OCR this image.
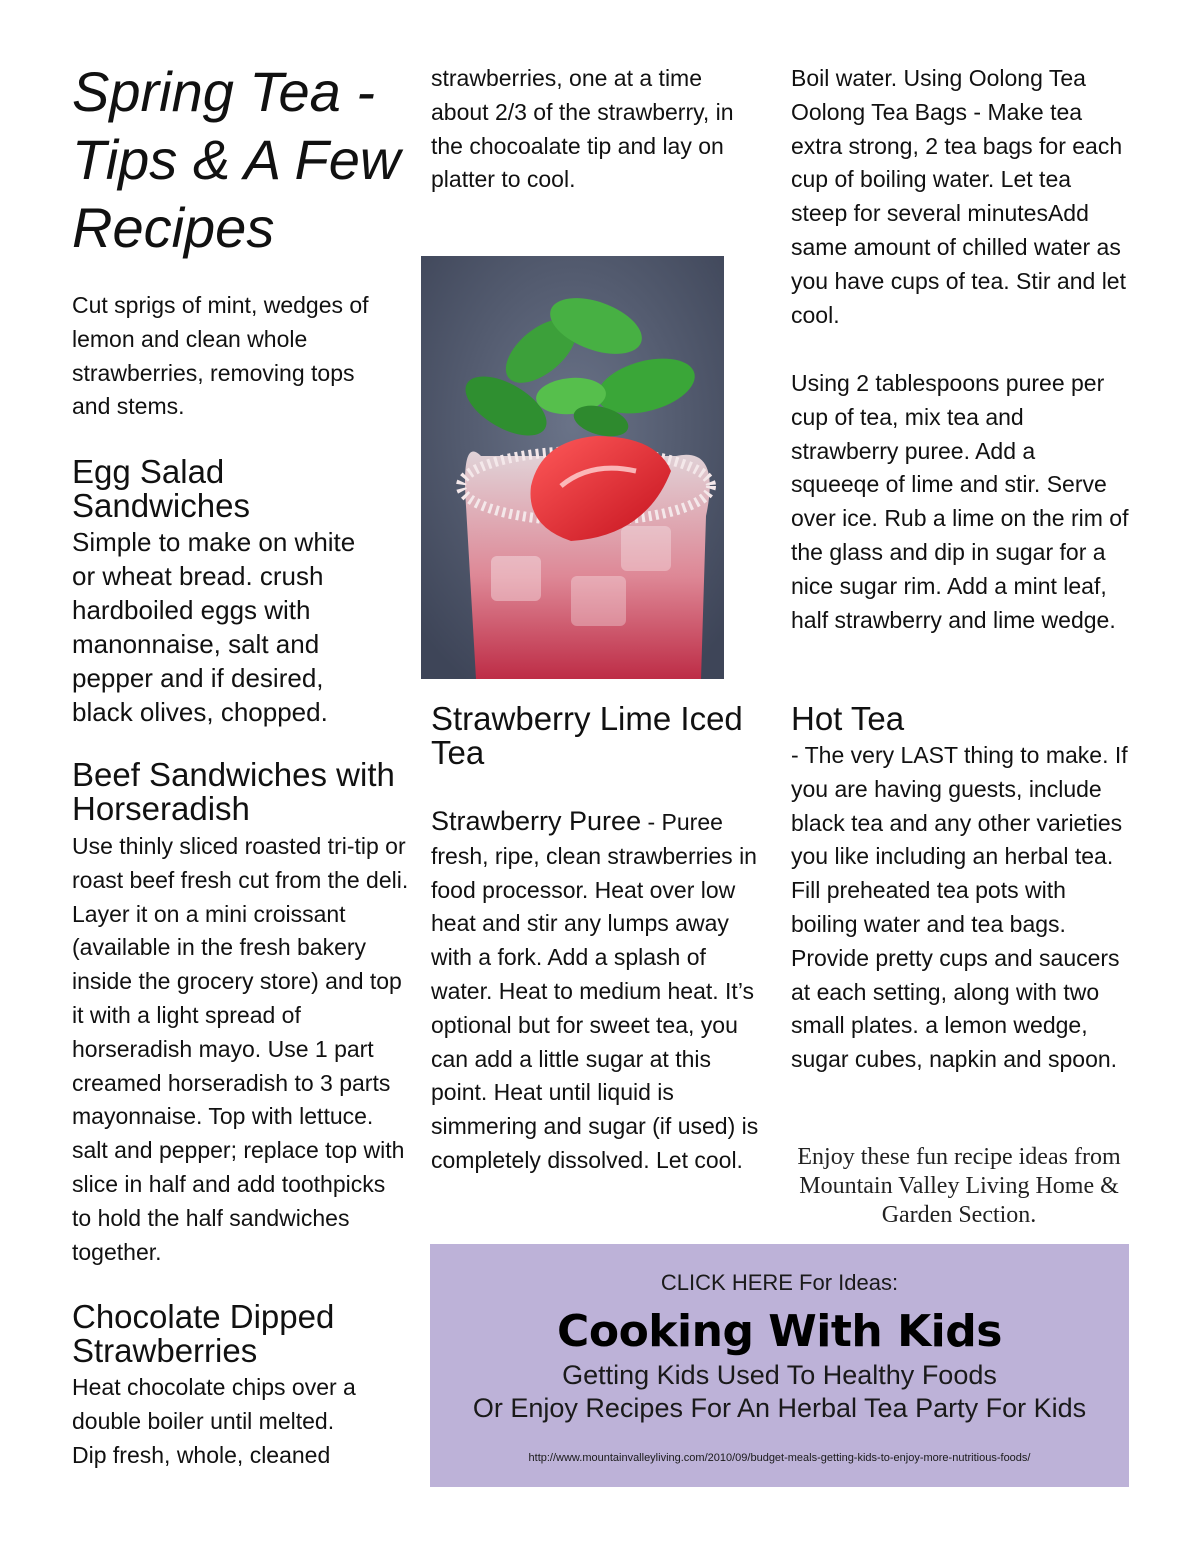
Spring Tea - Tips & A Few Recipes

Cut sprigs of mint, wedges of lemon and clean whole strawberries, removing tops and stems.

Egg Salad Sandwiches

Simple to make on white or wheat bread. crush hardboiled eggs with manonnaise, salt and pepper and if desired, black olives, chopped.

Beef Sandwiches with Horseradish

Use thinly sliced roasted tri-tip or roast beef fresh cut from the deli. Layer it on a mini croissant (available in the fresh bakery inside the grocery store) and top it with a light spread of horseradish mayo. Use 1 part creamed horseradish to 3 parts mayonnaise. Top with lettuce. salt and pepper; replace top with slice in half and add toothpicks to hold the half sandwiches together.

Chocolate Dipped Strawberries

Heat chocolate chips over a double boiler until melted. Dip fresh, whole, cleaned

strawberries, one at a time about 2/3 of the strawberry, in the chocoalate tip and lay on platter to cool.

Strawberry Lime Iced Tea

Strawberry Puree - Puree fresh, ripe, clean strawberries in food processor. Heat over low heat and stir any lumps away with a fork. Add a splash of water. Heat to medium heat. It’s optional but for sweet tea, you can add a little sugar at this point. Heat until liquid is simmering and sugar (if used) is completely dissolved. Let cool.

Boil water. Using Oolong Tea Oolong Tea Bags - Make tea extra strong, 2 tea bags for each cup of boiling water. Let tea steep for several minutesAdd same amount of chilled water as you have cups of tea. Stir and let cool.

Using 2 tablespoons puree per cup of tea, mix tea and strawberry puree. Add a squeeqe of lime and stir. Serve over ice. Rub a lime on the rim of the glass and dip in sugar for a nice sugar rim. Add a mint leaf, half strawberry and lime wedge.

Hot Tea

- The very LAST thing to make. If you are having guests, include black tea and any other varieties you like including an herbal tea. Fill preheated tea pots with boiling water and tea bags. Provide pretty cups and saucers at each setting, along with two small plates. a lemon wedge, sugar cubes, napkin and spoon.

Enjoy these fun recipe ideas from Mountain Valley Living Home & Garden Section.
CLICK HERE For Ideas:
Cooking With Kids
Getting Kids Used To Healthy Foods
Or Enjoy Recipes For An Herbal Tea Party For Kids
http://www.mountainvalleyliving.com/2010/09/budget-meals-getting-kids-to-enjoy-more-nutritious-foods/
